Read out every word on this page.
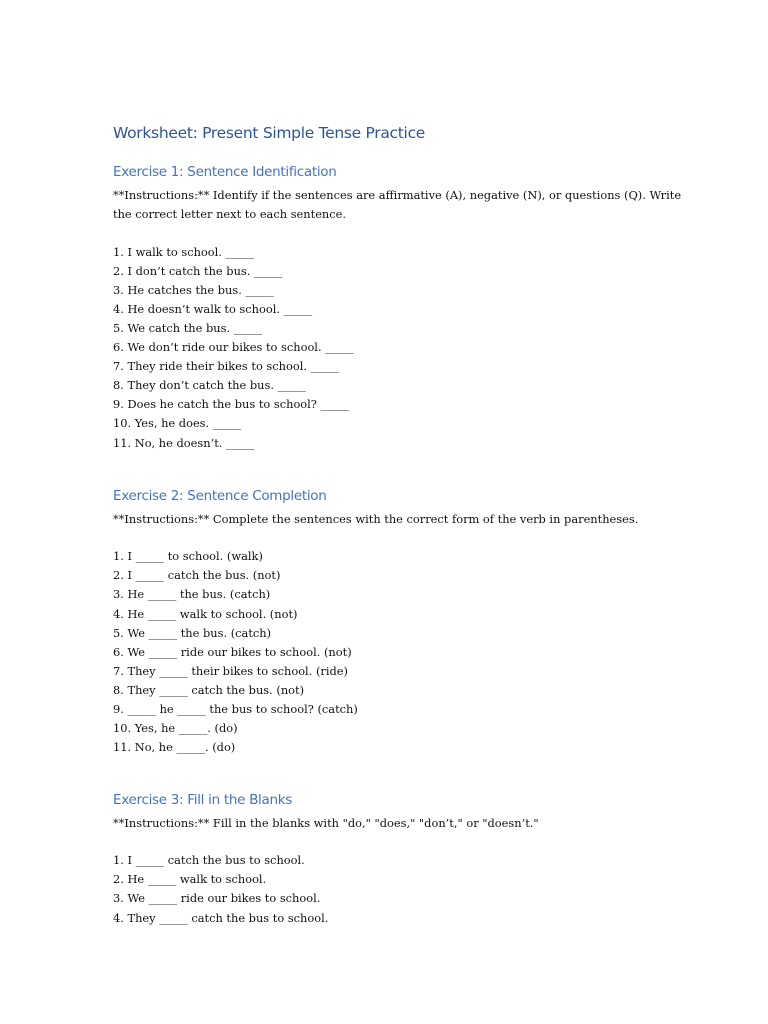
Worksheet: Present Simple Tense Practice
Exercise 1: Sentence Identification

**Instructions:** Identify if the sentences are affirmative (A), negative (N), or questions (Q). Write the correct letter next to each sentence.

1. I walk to school. _____
2. I don’t catch the bus. _____
3. He catches the bus. _____
4. He doesn’t walk to school. _____
5. We catch the bus. _____
6. We don’t ride our bikes to school. _____
7. They ride their bikes to school. _____
8. They don’t catch the bus. _____
9. Does he catch the bus to school? _____
10. Yes, he does. _____
11. No, he doesn’t. _____
Exercise 2: Sentence Completion

**Instructions:** Complete the sentences with the correct form of the verb in parentheses.

1. I _____ to school. (walk)
2. I _____ catch the bus. (not)
3. He _____ the bus. (catch)
4. He _____ walk to school. (not)
5. We _____ the bus. (catch)
6. We _____ ride our bikes to school. (not)
7. They _____ their bikes to school. (ride)
8. They _____ catch the bus. (not)
9. _____ he _____ the bus to school? (catch)
10. Yes, he _____. (do)
11. No, he _____. (do)
Exercise 3: Fill in the Blanks

**Instructions:** Fill in the blanks with "do," "does," "don’t," or "doesn’t."

1. I _____ catch the bus to school.
2. He _____ walk to school.
3. We _____ ride our bikes to school.
4. They _____ catch the bus to school.
